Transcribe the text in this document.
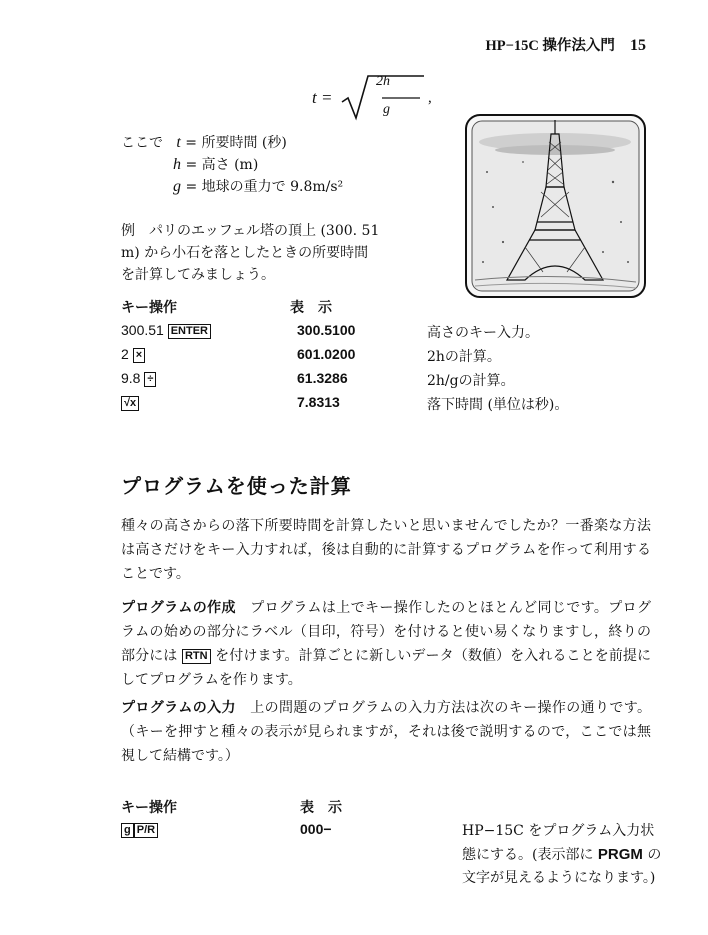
HP−15C 操作法入門 15
t =
2h
g
,
ここで t = 所要時間 (秒)
h = 高さ (m)
g = 地球の重力で 9.8m/s²
例　パリのエッフェル塔の頂上 (300. 51
m) から小石を落としたときの所要時間
を計算してみましょう。
キー操作	表　示
300.51 ENTER	300.5100	高さのキー入力。
2 ×	601.0200	2hの計算。
9.8 ÷	61.3286	2h/gの計算。
√x	7.8313	落下時間 (単位は秒)。
プログラムを使った計算
種々の高さからの落下所要時間を計算したいと思いませんでしたか？一番楽な方法は高さだけをキー入力すれば，後は自動的に計算するプログラムを作って利用することです。
プログラムの作成　プログラムは上でキー操作したのとほとんど同じです。プログラムの始めの部分にラベル（目印，符号）を付けると使い易くなりますし，終りの部分には RTN を付けます。計算ごとに新しいデータ（数値）を入れることを前提にしてプログラムを作ります。
プログラムの入力　上の問題のプログラムの入力方法は次のキー操作の通りです。（キーを押すと種々の表示が見られますが，それは後で説明するので，ここでは無視して結構です。）
キー操作	表　示
g P/R	000−	HP−15C をプログラム入力状態にする。(表示部に PRGM の文字が見えるようになります。)
